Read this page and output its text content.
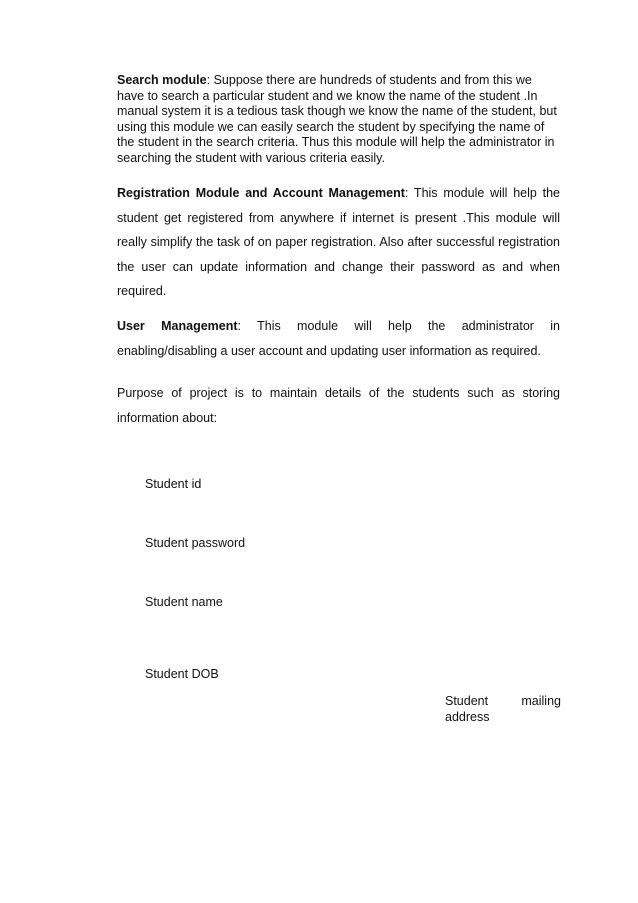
Search module: Suppose there are hundreds of students and from this we have to search a particular student and we know the name of the student .In manual system it is a tedious task though we know the name of the student, but using this module we can easily search the student by specifying the name of the student in the search criteria. Thus this module will help the administrator in searching the student with various criteria easily.

Registration Module and Account Management: This module will help the student get registered from anywhere if internet is present .This module will really simplify the task of on paper registration. Also after successful registration the user can update information and change their password as and when required.

User Management: This module will help the administrator in
enabling/disabling a user account and updating user information as required.

Purpose of project is to maintain details of the students such as storing information about:

Student id

Student password

Student name

Student DOB

Student	mailing
address
